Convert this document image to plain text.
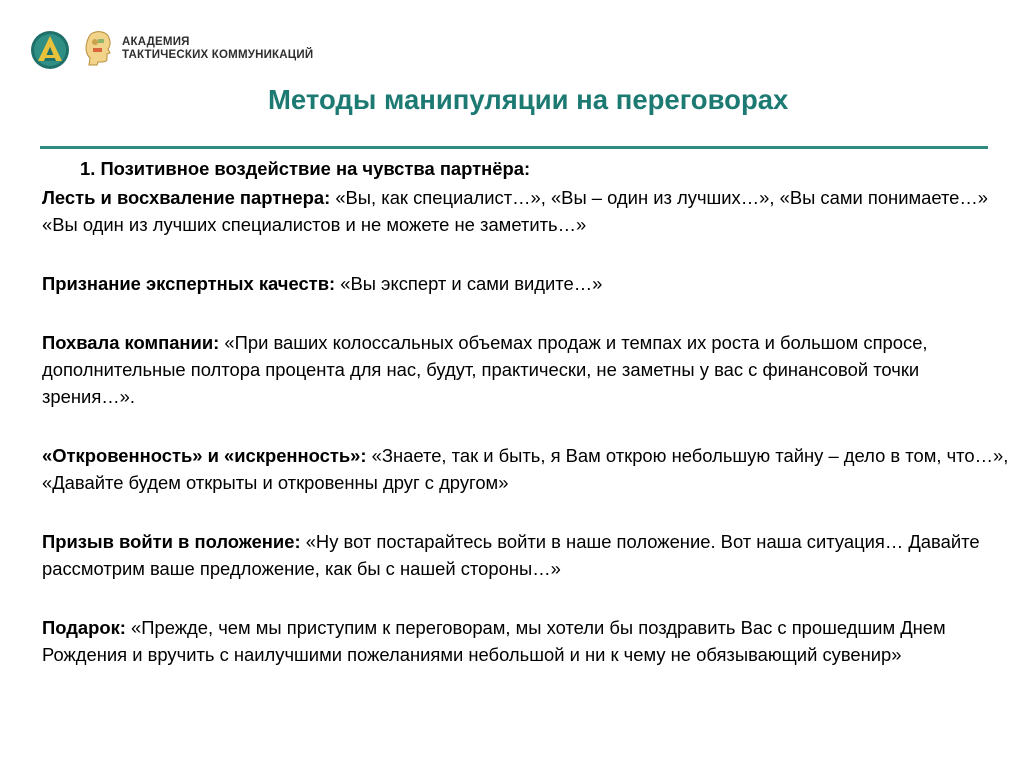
АКАДЕМИЯ
ТАКТИЧЕСКИХ КОММУНИКАЦИЙ
Методы манипуляции на переговорах

1. Позитивное воздействие на чувства партнёра:

Лесть и восхваление партнера: «Вы, как специалист…», «Вы – один из лучших…», «Вы сами понимаете…» «Вы один из лучших специалистов и не можете не заметить…»

Признание экспертных качеств: «Вы эксперт и сами видите…»

Похвала компании: «При ваших колоссальных объемах продаж и темпах их роста и большом спросе, дополнительные полтора процента для нас, будут, практически, не заметны у вас с финансовой точки зрения…».

«Откровенность» и «искренность»: «Знаете, так и быть, я Вам открою небольшую тайну – дело в том, что…», «Давайте будем открыты и откровенны друг с другом»

Призыв войти в положение: «Ну вот постарайтесь войти в наше положение. Вот наша ситуация… Давайте рассмотрим ваше предложение, как бы с нашей стороны…»

Подарок: «Прежде, чем мы приступим к переговорам, мы хотели бы поздравить Вас с прошедшим Днем Рождения и вручить с наилучшими пожеланиями небольшой и ни к чему не обязывающий сувенир»
